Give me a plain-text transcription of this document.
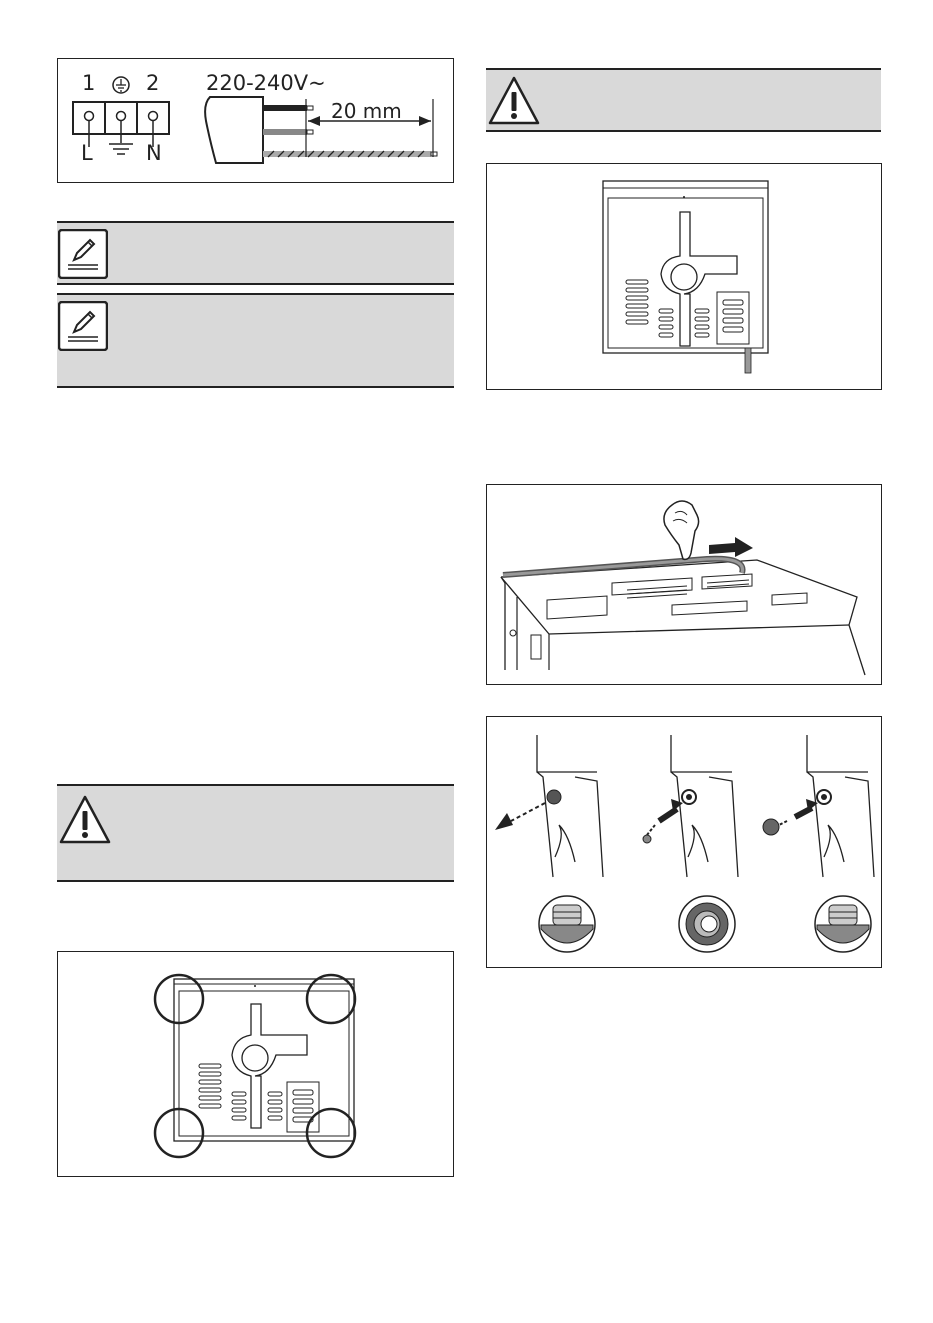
1 2
L	N
220-240V~
20 mm
